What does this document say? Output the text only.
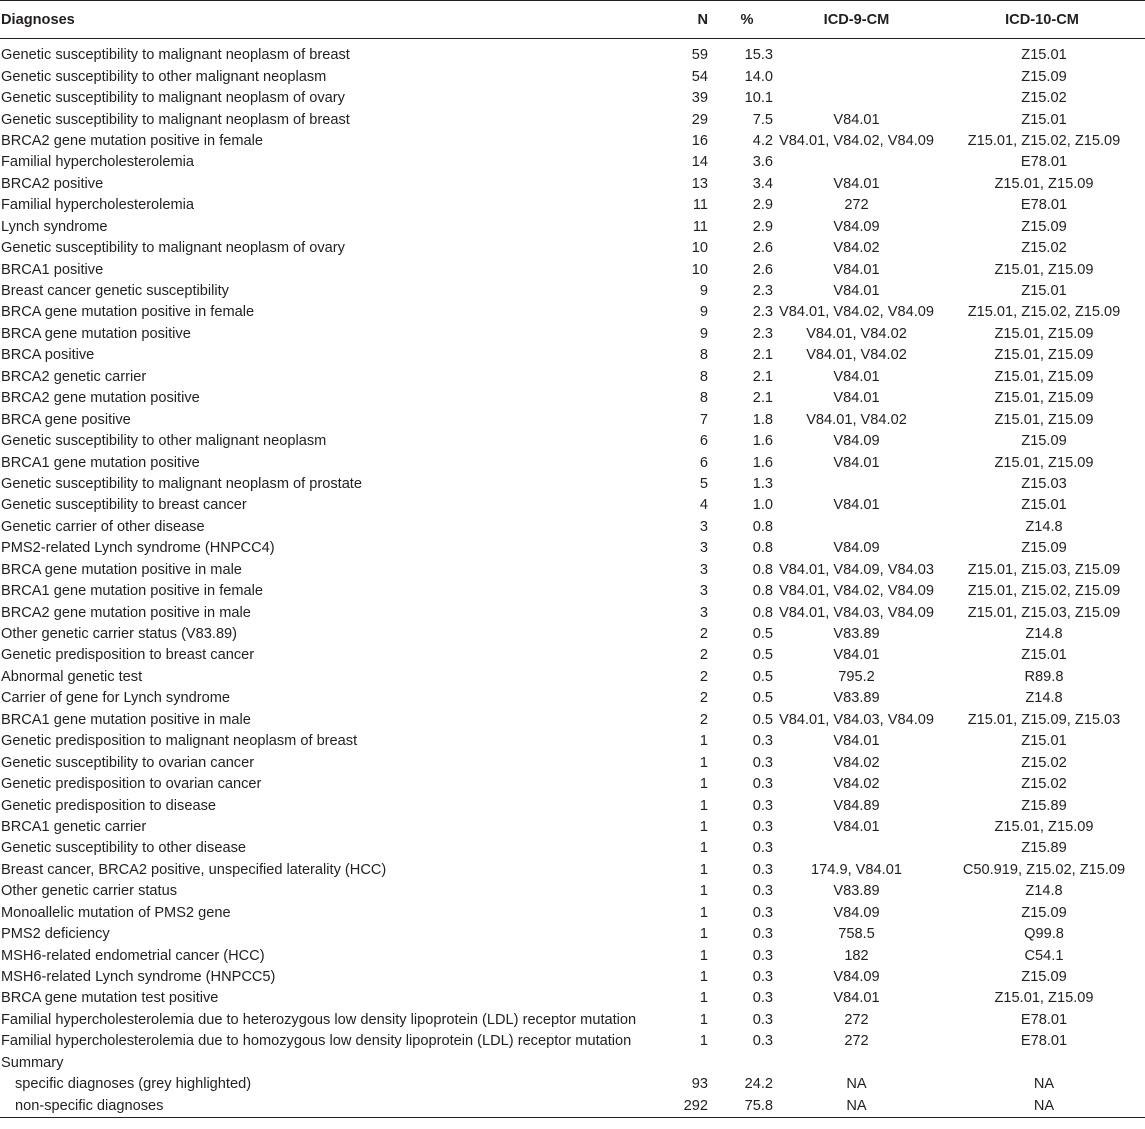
Diagnoses	N	%	ICD-9-CM	ICD-10-CM

Genetic susceptibility to malignant neoplasm of breast	59	15.3		Z15.01
Genetic susceptibility to other malignant neoplasm	54	14.0		Z15.09
Genetic susceptibility to malignant neoplasm of ovary	39	10.1		Z15.02
Genetic susceptibility to malignant neoplasm of breast	29	7.5	V84.01	Z15.01
BRCA2 gene mutation positive in female	16	4.2	V84.01, V84.02, V84.09	Z15.01, Z15.02, Z15.09
Familial hypercholesterolemia	14	3.6		E78.01
BRCA2 positive	13	3.4	V84.01	Z15.01, Z15.09
Familial hypercholesterolemia	11	2.9	272	E78.01
Lynch syndrome	11	2.9	V84.09	Z15.09
Genetic susceptibility to malignant neoplasm of ovary	10	2.6	V84.02	Z15.02
BRCA1 positive	10	2.6	V84.01	Z15.01, Z15.09
Breast cancer genetic susceptibility	9	2.3	V84.01	Z15.01
BRCA gene mutation positive in female	9	2.3	V84.01, V84.02, V84.09	Z15.01, Z15.02, Z15.09
BRCA gene mutation positive	9	2.3	V84.01, V84.02	Z15.01, Z15.09
BRCA positive	8	2.1	V84.01, V84.02	Z15.01, Z15.09
BRCA2 genetic carrier	8	2.1	V84.01	Z15.01, Z15.09
BRCA2 gene mutation positive	8	2.1	V84.01	Z15.01, Z15.09
BRCA gene positive	7	1.8	V84.01, V84.02	Z15.01, Z15.09
Genetic susceptibility to other malignant neoplasm	6	1.6	V84.09	Z15.09
BRCA1 gene mutation positive	6	1.6	V84.01	Z15.01, Z15.09
Genetic susceptibility to malignant neoplasm of prostate	5	1.3		Z15.03
Genetic susceptibility to breast cancer	4	1.0	V84.01	Z15.01
Genetic carrier of other disease	3	0.8		Z14.8
PMS2-related Lynch syndrome (HNPCC4)	3	0.8	V84.09	Z15.09
BRCA gene mutation positive in male	3	0.8	V84.01, V84.09, V84.03	Z15.01, Z15.03, Z15.09
BRCA1 gene mutation positive in female	3	0.8	V84.01, V84.02, V84.09	Z15.01, Z15.02, Z15.09
BRCA2 gene mutation positive in male	3	0.8	V84.01, V84.03, V84.09	Z15.01, Z15.03, Z15.09
Other genetic carrier status (V83.89)	2	0.5	V83.89	Z14.8
Genetic predisposition to breast cancer	2	0.5	V84.01	Z15.01
Abnormal genetic test	2	0.5	795.2	R89.8
Carrier of gene for Lynch syndrome	2	0.5	V83.89	Z14.8
BRCA1 gene mutation positive in male	2	0.5	V84.01, V84.03, V84.09	Z15.01, Z15.09, Z15.03
Genetic predisposition to malignant neoplasm of breast	1	0.3	V84.01	Z15.01
Genetic susceptibility to ovarian cancer	1	0.3	V84.02	Z15.02
Genetic predisposition to ovarian cancer	1	0.3	V84.02	Z15.02
Genetic predisposition to disease	1	0.3	V84.89	Z15.89
BRCA1 genetic carrier	1	0.3	V84.01	Z15.01, Z15.09
Genetic susceptibility to other disease	1	0.3		Z15.89
Breast cancer, BRCA2 positive, unspecified laterality (HCC)	1	0.3	174.9, V84.01	C50.919, Z15.02, Z15.09
Other genetic carrier status	1	0.3	V83.89	Z14.8
Monoallelic mutation of PMS2 gene	1	0.3	V84.09	Z15.09
PMS2 deficiency	1	0.3	758.5	Q99.8
MSH6-related endometrial cancer (HCC)	1	0.3	182	C54.1
MSH6-related Lynch syndrome (HNPCC5)	1	0.3	V84.09	Z15.09
BRCA gene mutation test positive	1	0.3	V84.01	Z15.01, Z15.09
Familial hypercholesterolemia due to heterozygous low density lipoprotein (LDL) receptor mutation	1	0.3	272	E78.01
Familial hypercholesterolemia due to homozygous low density lipoprotein (LDL) receptor mutation	1	0.3	272	E78.01
Summary				
specific diagnoses (grey highlighted)	93	24.2	NA	NA
non-specific diagnoses	292	75.8	NA	NA
